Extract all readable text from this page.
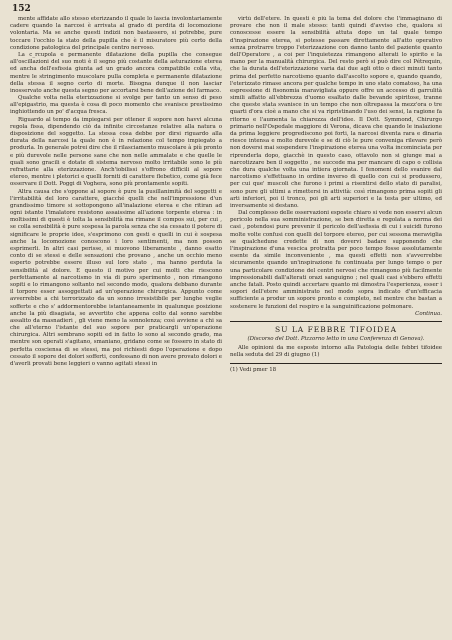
152

mente affidate allo stesso eterizzando il quale lo lascia involontariamente cadere quando la narcosi è arrivata al grado di perdita di locomozione volontaria. Ma se anche questi indizii non bastassero, si potrebbe, pure toccare l'occhio la stato della pupilla che è il misuratore più certo della condizione patologica del principale centro nervoso.

La c_rcupola e permanente dilatazione della pupilla che consegue all'oscillazioni del suo moti è il segno più costante della asturazione eterea ed ancha dell'esfissia giunta ad un grado ancora compatibile colla vita, mentre le stringimento muscolare pulla completa e permanente dilatazione della stessa il segno certo di morte. Bisogna dunque il non lasciar inosservato anche questa segno per accortarsi bene dell'azione del farmaco.

Qualche volta nella eterizzazione si svolge per tanto un senso di peso all'epigastrio, ma questa è cosa di poco momento che svanisce prestissimo inghiottendo un po' d'acqua fresca.

Riguardo al tempo da impiegarsi per ottener il sopore non havvi alcuna regola fissa, dipendendo ciò da infinite circostanze relative alla natura o disposizione del soggetto. La stessa cosa debbe por dirsi riguardo alla durata della narcosi la quale non è in relazione col tempo impiegato a produrla. In generale potrei dire che il rilasciamento muscolare à più pronto e più durevole nelle persone sane che non nelle ammalate e che quelle le quali sono gracili e dotate di sistema nervoso molto irritabile sono le più refrattarie alla eterizzazione. Anch'iobilissi s'offrono difficili al sopore etereo, mentre i pletorici e quelli forniti di carattere flebetico, come già fece osservare il Dott. Poggi di Voghera, sono più prontamente sopiti.

Altra causa che s'oppone al sopore è pure la pusillanimità del soggetti e l'irritabilità del loro carattere, giacché quelli che nell'impressione d'un grandissimo timore si sottopongono all'inalazione eterea e che ritiran ad ogni istante l'imalatore resistono assaissime all'azione torpente eterea : in moltissimi di questi è tolta la sensibilità ma rimane il compos sui, per cui , se colla sensibilità è pure sospesa la parola senza che sia cessato il potere di significare le proprie idee, s'esprimono con gesti e quelli in cui è sospesa anche la locomozione conoscono i loro sentimenti, ma non posson esprimerli. In altri casi perisse, si muovono liberamente , danno esatto conto di se stessi e delle sensazioni che provano , anche un occhio meno esperto potrebbe essere illuso sul loro stato , ma hanno perduta la sensibilità al dolore. E questo il motivo per cui molti che riescono perfettamente al narcotismo in via di puro sperimento , non rimangono sopiti e lo rimangono soltanto nel secondo modo, qualora debbano durante il torpore esser assoggettati ad un'operazione chirurgica. Appunto come avverrebbe a chi terrorizzato da un sonno irresistibile per lunghe veglie sofferte e cho s' addormentorebbe istantaneamente in qualunque posizione anche la più disagiata, se avvertito che appena colto dal sonno sarebbe assalito da masnadieri , gli viene meno la sonnolenza; così avviene a chi sa che all'eterno l'istante del suo sopore per praticargli un'operazione chirurgica. Altri sembrano sopiti ed in fatto lo sono al secondo grado, ma mentre son operati s'agitano, smaniano, gridano come se fossero in stato di perfetta cosciensa di se stessi, ma poi richiesti dopo l'operazione e dopo cessato il sopore dei dolori sofferti, confessano di non avere provato dolori e d'averli provati bene leggieri o vanno agitati stessi in

virtù dell'etere. In questi è più la tema del dolore che l'immaginano di provare che non il male stesso: tanti quindi d'avviso che, qualora si conoscesse essere la sensibilità attuta dopo un tal quale tempo d'inspirazione eterea, si potesse passare direttamente all'atto operativo senza protrarre troppo l'eterizzazione con danno tanto del paziente quanto dell'Operatore , a coi per l'inquietezza rimangono alterati lo spirito e la mano per la manualità chirurgica. Del resto però si può dire col Pétrequin, che la durata dell'eterizzazione varia dai due agli otto o dieci minuti tanto prima del perfetto narcotismo quanto dall'ascolto sopore e, quando quando, l'eterizzato rimase ancora per qualche tempo in uno stato comatoso, ha una espressione di fisonomia maravigliata oppure offre un accesso di garrulità simili affatto all'ebbrezza d'uomo esaltato dalle bevande spiritose, tranne che queste stata svanisce in un tempo che non oltrepassa la mezz'ora o tre quarti d'ora cioè a mano che si va ripristinando l'uso dei sensi, la ragione fa ritorno e l'aumenta la chiarezza dell'idee. Il Dott. Symmond, Chirurgo primario nell'Ospedale maggiore di Verona, dicava che quando le inalazione da prima leggiere progrediscono poi forti, la narcosi diventa rara e dinaria riesce intensa e molto durevole e se di ciò le pure conveniga rilevare però non doversi mai sospendere l'inspirazione eterea una volta incominciata per riprenderla dopo, giacchè in questo caso, ottavolo non si giunge mai a narcotizzare ben il soggetto , ne succede ma per mancare di capo o collisia che dura qualche volta una intiera giornata. I fenomeni dello svanire dal narcotismo s'effettuano in ordine inverso di quello con cui si produssero, per cui que' muscoli che furono i primi a risentirsi dello stato di paralisi, sono pure gli ultimi a rimettersi in attività: così rimangono prima sopiti gli arti inferiori, poi il tronco, poi gli arti superiori e la testa per ultimo, ed inversamente si destano.

Dal complesso delle osservazioni esposte chiaro si vede non esservi alcun pericolo nella sua somministrazione, se ben diretta e regolata a norma dei casi , potendosi pure prevenir il pericolo dell'asfissia di cui i suicidi furono molte volte confusi con quelli del torpore etereo, per cui sessona meraviglia se qualchedune credette di non dovervi badare supponendo che l'inspirazione d'una vescica protratta per poco tempo fosse assolutamente esente da simile inconveniente , ma questi effetti non s'avverrebbe sicuramente quando un'inspirazione fu continuata per lungo tempo o per una particolare condizione del centri nervosi che rimangono più facilmente impressionabili dall'alterati orazi sanguigno ; nel quali casi s'ebbero effetti anche fatali. Posto quindi accertare quanto mi dimostra l'esperienza, esser i sopori dell'etere amministrato nel modo sopra indicato d'un'efficacia sufficiente a produr un sopore pronto e completo, nel mentre che bastan a sostenere le funzioni del respiro e la sanguinificazione polmonare.

Continua.
SU LA FEBBRE TIFOIDEA
(Discorso del Dott. Pizzorno letto in una Conferenza di Genova).

Alle opinioni da me esposte intorno alla Patologia delle febbri tifoidee nella seduta del 29 di giugno (1)

(1) Vedi pmer 18
